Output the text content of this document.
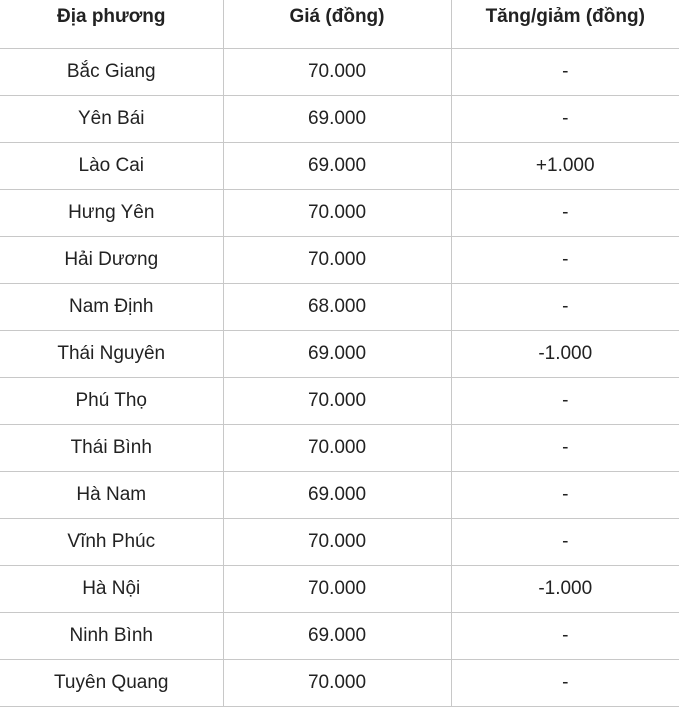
Địa phương	Giá (đồng)	Tăng/giảm (đồng)
Bắc Giang	70.000	-
Yên Bái	69.000	-
Lào Cai	69.000	+1.000
Hưng Yên	70.000	-
Hải Dương	70.000	-
Nam Định	68.000	-
Thái Nguyên	69.000	-1.000
Phú Thọ	70.000	-
Thái Bình	70.000	-
Hà Nam	69.000	-
Vĩnh Phúc	70.000	-
Hà Nội	70.000	-1.000
Ninh Bình	69.000	-
Tuyên Quang	70.000	-
